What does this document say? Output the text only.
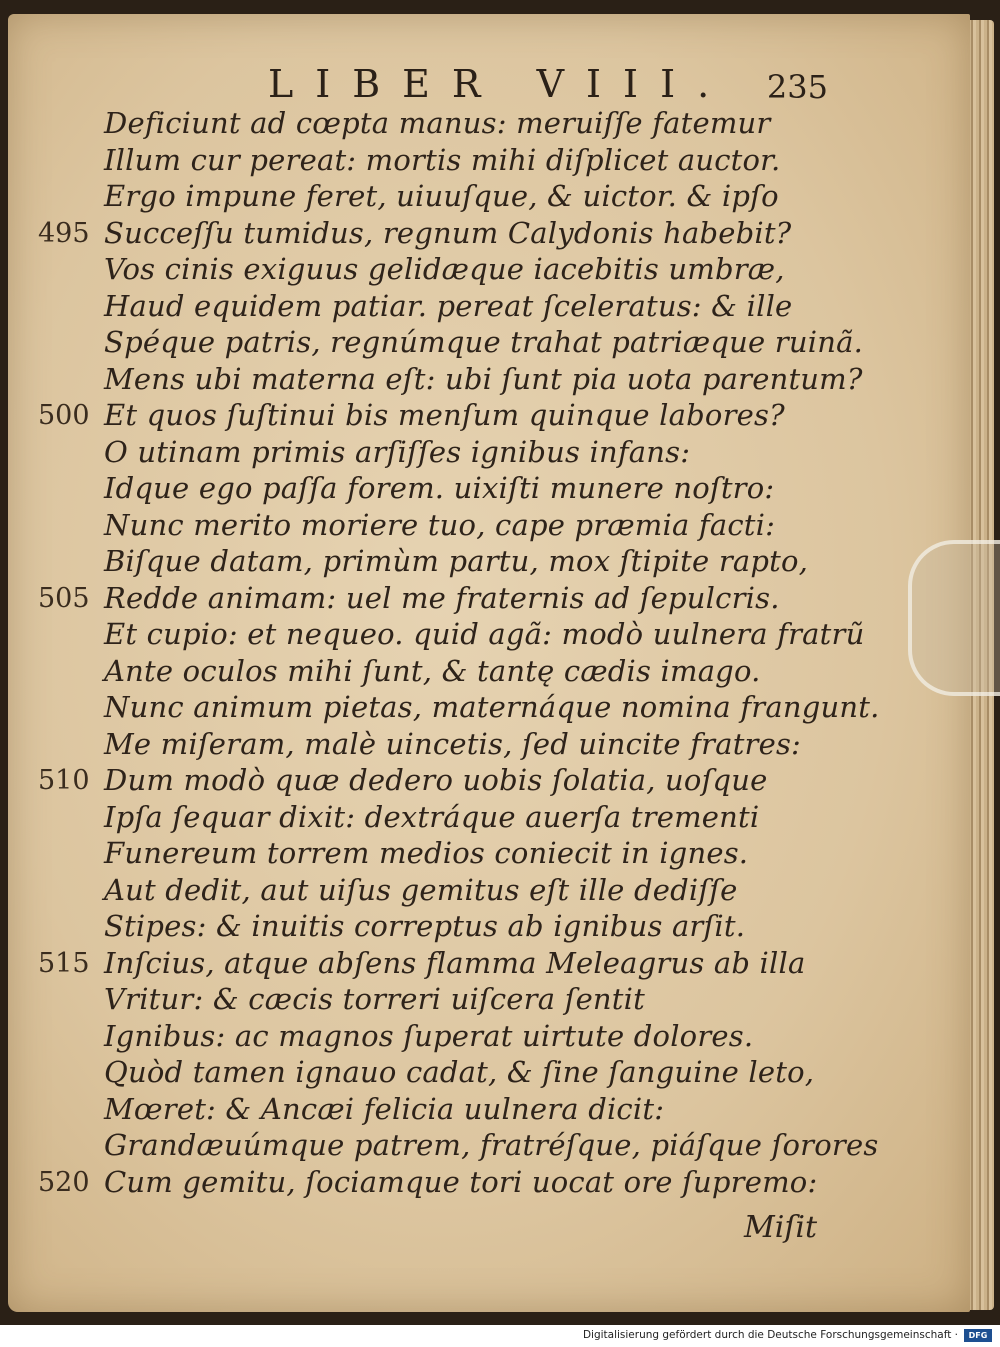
LIBER VIII. 235
Deficiunt ad cœpta manus: meruiſſe fatemur
Illum cur pereat: mortis mihi diſplicet auctor.
Ergo impune feret, uiuuſque, & uictor. & ipſo
495 Succeſſu tumidus, regnum Calydonis habebit?
Vos cinis exiguus gelidæque iacebitis umbræ,
Haud equidem patiar. pereat ſceleratus: & ille
Spéque patris, regnúmque trahat patriæque ruinã.
Mens ubi materna eſt: ubi ſunt pia uota parentum?
500 Et quos ſuſtinui bis menſum quinque labores?
O utinam primis arſiſſes ignibus infans:
Idque ego paſſa forem. uixiſti munere noſtro:
Nunc merito moriere tuo, cape præmia facti:
Biſque datam, primùm partu, mox ſtipite rapto,
505 Redde animam: uel me fraternis ad ſepulcris.
Et cupio: et nequeo. quid agã: modò uulnera fratrũ
Ante oculos mihi ſunt, & tantę cædis imago.
Nunc animum pietas, maternáque nomina frangunt.
Me miſeram, malè uincetis, ſed uincite fratres:
510 Dum modò quæ dedero uobis ſolatia, uoſque
Ipſa ſequar dixit: dextráque auerſa trementi
Funereum torrem medios coniecit in ignes.
Aut dedit, aut uiſus gemitus eſt ille dediſſe
Stipes: & inuitis correptus ab ignibus arſit.
515 Inſcius, atque abſens flamma Meleagrus ab illa
Vritur: & cæcis torreri uiſcera ſentit
Ignibus: ac magnos ſuperat uirtute dolores.
Quòd tamen ignauo cadat, & ſine ſanguine leto,
Mœret: & Ancæi felicia uulnera dicit:
Grandæuúmque patrem, fratréſque, piáſque ſorores
520 Cum gemitu, ſociamque tori uocat ore ſupremo:
Miſit
Digitalisierung gefördert durch die Deutsche Forschungsgemeinschaft ·	DFG
